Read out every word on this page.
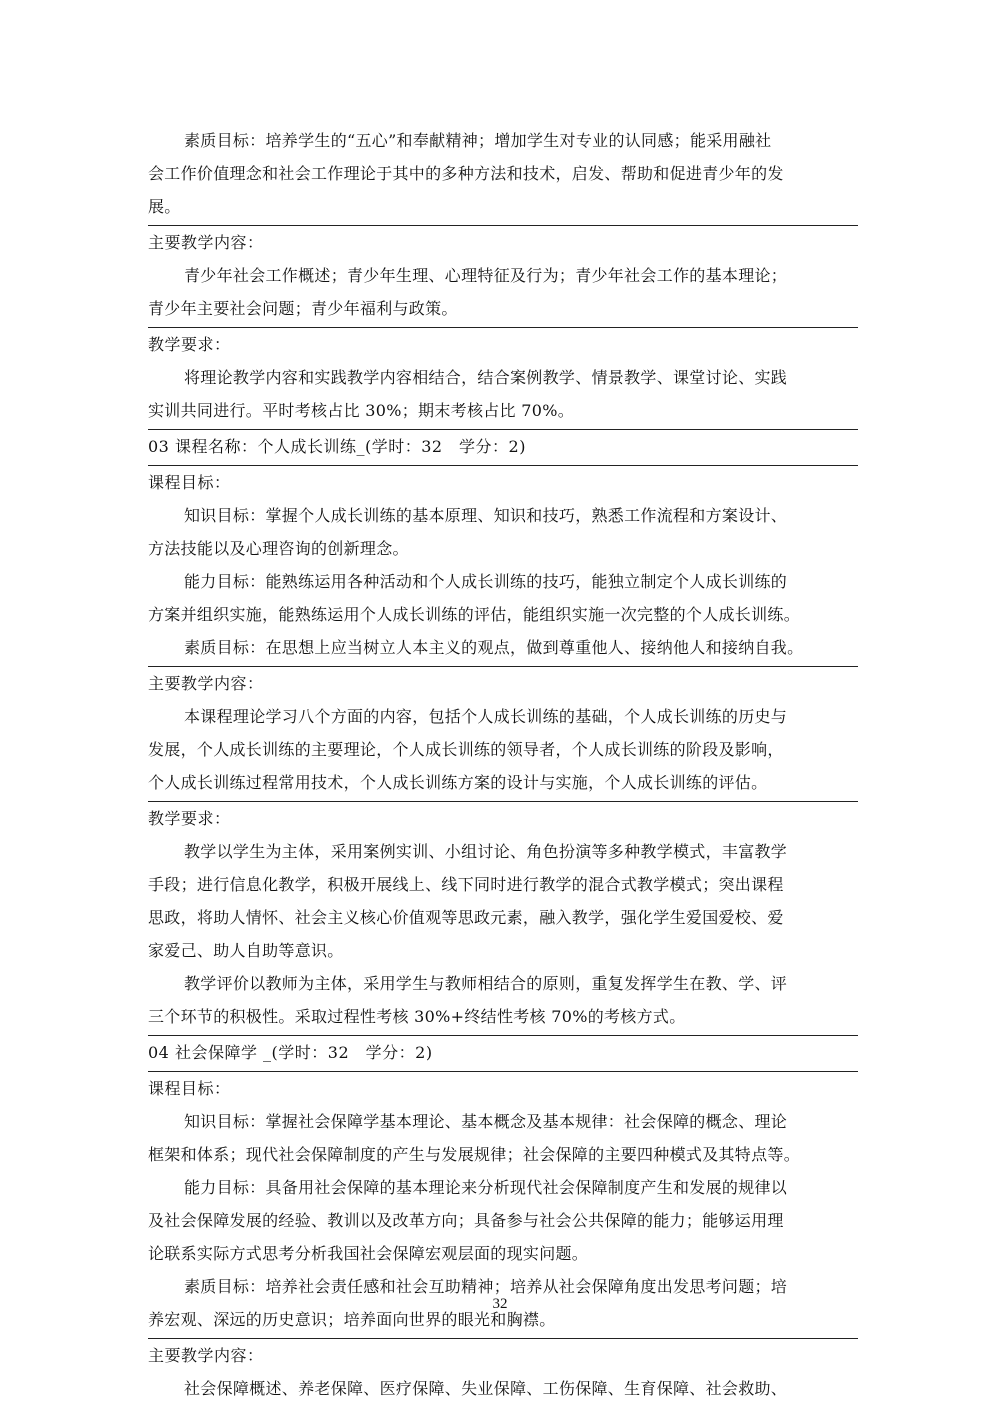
素质目标：培养学生的“五心”和奉献精神；增加学生对专业的认同感；能采用融社
会工作价值理念和社会工作理论于其中的多种方法和技术，启发、帮助和促进青少年的发
展。
主要教学内容：
青少年社会工作概述；青少年生理、心理特征及行为；青少年社会工作的基本理论；
青少年主要社会问题；青少年福利与政策。
教学要求：
将理论教学内容和实践教学内容相结合，结合案例教学、情景教学、课堂讨论、实践
实训共同进行。平时考核占比 30%；期末考核占比 70%。
03 课程名称：个人成长训练_(学时：32　学分：2)
课程目标：
知识目标：掌握个人成长训练的基本原理、知识和技巧，熟悉工作流程和方案设计、
方法技能以及心理咨询的创新理念。
能力目标：能熟练运用各种活动和个人成长训练的技巧，能独立制定个人成长训练的
方案并组织实施，能熟练运用个人成长训练的评估，能组织实施一次完整的个人成长训练。
素质目标：在思想上应当树立人本主义的观点，做到尊重他人、接纳他人和接纳自我。
主要教学内容：
本课程理论学习八个方面的内容，包括个人成长训练的基础，个人成长训练的历史与
发展，个人成长训练的主要理论，个人成长训练的领导者，个人成长训练的阶段及影响，
个人成长训练过程常用技术，个人成长训练方案的设计与实施，个人成长训练的评估。
教学要求：
教学以学生为主体，采用案例实训、小组讨论、角色扮演等多种教学模式，丰富教学
手段；进行信息化教学，积极开展线上、线下同时进行教学的混合式教学模式；突出课程
思政，将助人情怀、社会主义核心价值观等思政元素，融入教学，强化学生爱国爱校、爱
家爱己、助人自助等意识。
教学评价以教师为主体，采用学生与教师相结合的原则，重复发挥学生在教、学、评
三个环节的积极性。采取过程性考核 30%+终结性考核 70%的考核方式。
04 社会保障学 _(学时：32　学分：2)
课程目标：
知识目标：掌握社会保障学基本理论、基本概念及基本规律：社会保障的概念、理论
框架和体系；现代社会保障制度的产生与发展规律；社会保障的主要四种模式及其特点等。
能力目标：具备用社会保障的基本理论来分析现代社会保障制度产生和发展的规律以
及社会保障发展的经验、教训以及改革方向；具备参与社会公共保障的能力；能够运用理
论联系实际方式思考分析我国社会保障宏观层面的现实问题。
素质目标：培养社会责任感和社会互助精神；培养从社会保障角度出发思考问题；培
养宏观、深远的历史意识；培养面向世界的眼光和胸襟。
主要教学内容：
社会保障概述、养老保障、医疗保障、失业保障、工伤保障、生育保障、社会救助、
32
